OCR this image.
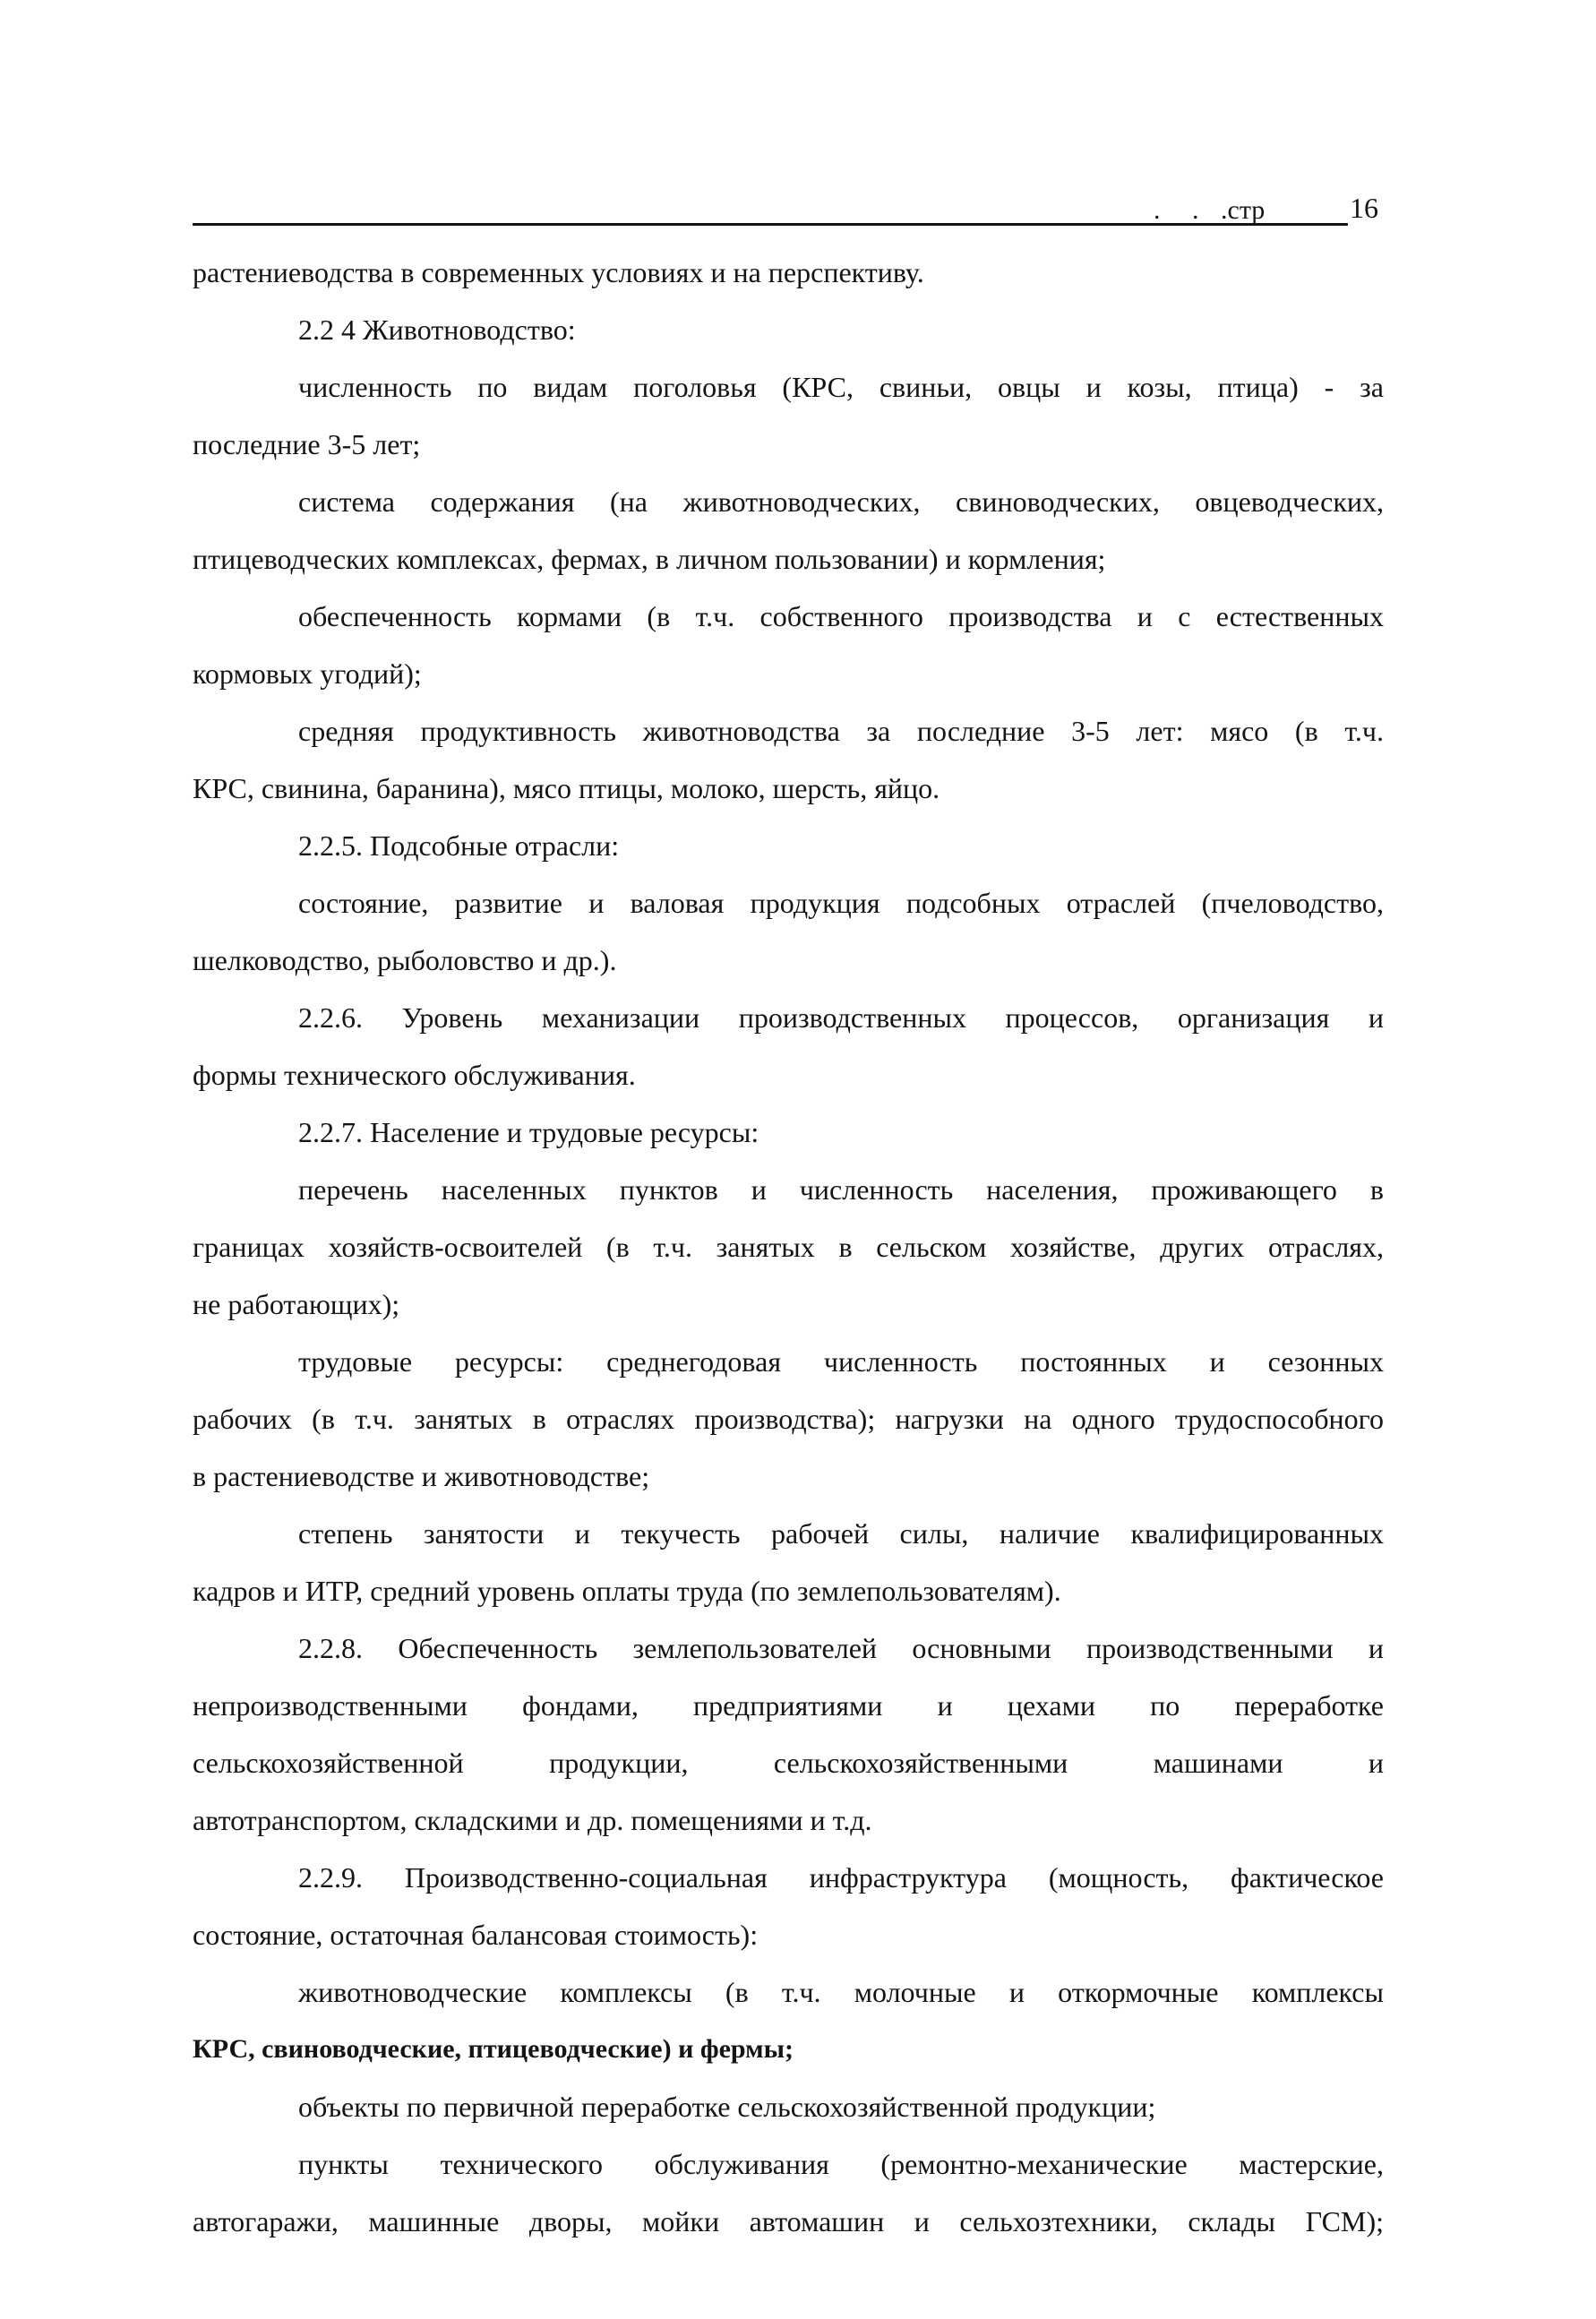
. . .стр	16
растениеводства в современных условиях и на перспективу.
2.2 4 Животноводство:
численность по видам поголовья (КРС, свиньи, овцы и козы, птица) - за
последние 3-5 лет;
система содержания (на животноводческих, свиноводческих, овцеводческих,
птицеводческих комплексах, фермах, в личном пользовании) и кормления;
обеспеченность кормами (в т.ч. собственного производства и с естественных
кормовых угодий);
средняя продуктивность животноводства за последние 3-5 лет: мясо (в т.ч.
КРС, свинина, баранина), мясо птицы, молоко, шерсть, яйцо.
2.2.5. Подсобные отрасли:
состояние, развитие и валовая продукция подсобных отраслей (пчеловодство,
шелководство, рыболовство и др.).
2.2.6. Уровень механизации производственных процессов, организация и
формы технического обслуживания.
2.2.7. Население и трудовые ресурсы:
перечень населенных пунктов и численность населения, проживающего в
границах хозяйств-освоителей (в т.ч. занятых в сельском хозяйстве, других отраслях,
не работающих);
трудовые ресурсы: среднегодовая численность постоянных и сезонных
рабочих (в т.ч. занятых в отраслях производства); нагрузки на одного трудоспособного
в растениеводстве и животноводстве;
степень занятости и текучесть рабочей силы, наличие квалифицированных
кадров и ИТР, средний уровень оплаты труда (по землепользователям).
2.2.8. Обеспеченность землепользователей основными производственными и
непроизводственными фондами, предприятиями и цехами по переработке
сельскохозяйственной продукции, сельскохозяйственными машинами и
автотранспортом, складскими и др. помещениями и т.д.
2.2.9. Производственно-социальная инфраструктура (мощность, фактическое
состояние, остаточная балансовая стоимость):
животноводческие комплексы (в т.ч. молочные и откормочные комплексы
КРС, свиноводческие, птицеводческие) и фермы;
объекты по первичной переработке сельскохозяйственной продукции;
пункты технического обслуживания (ремонтно-механические мастерские,
автогаражи, машинные дворы, мойки автомашин и сельхозтехники, склады ГСМ);
